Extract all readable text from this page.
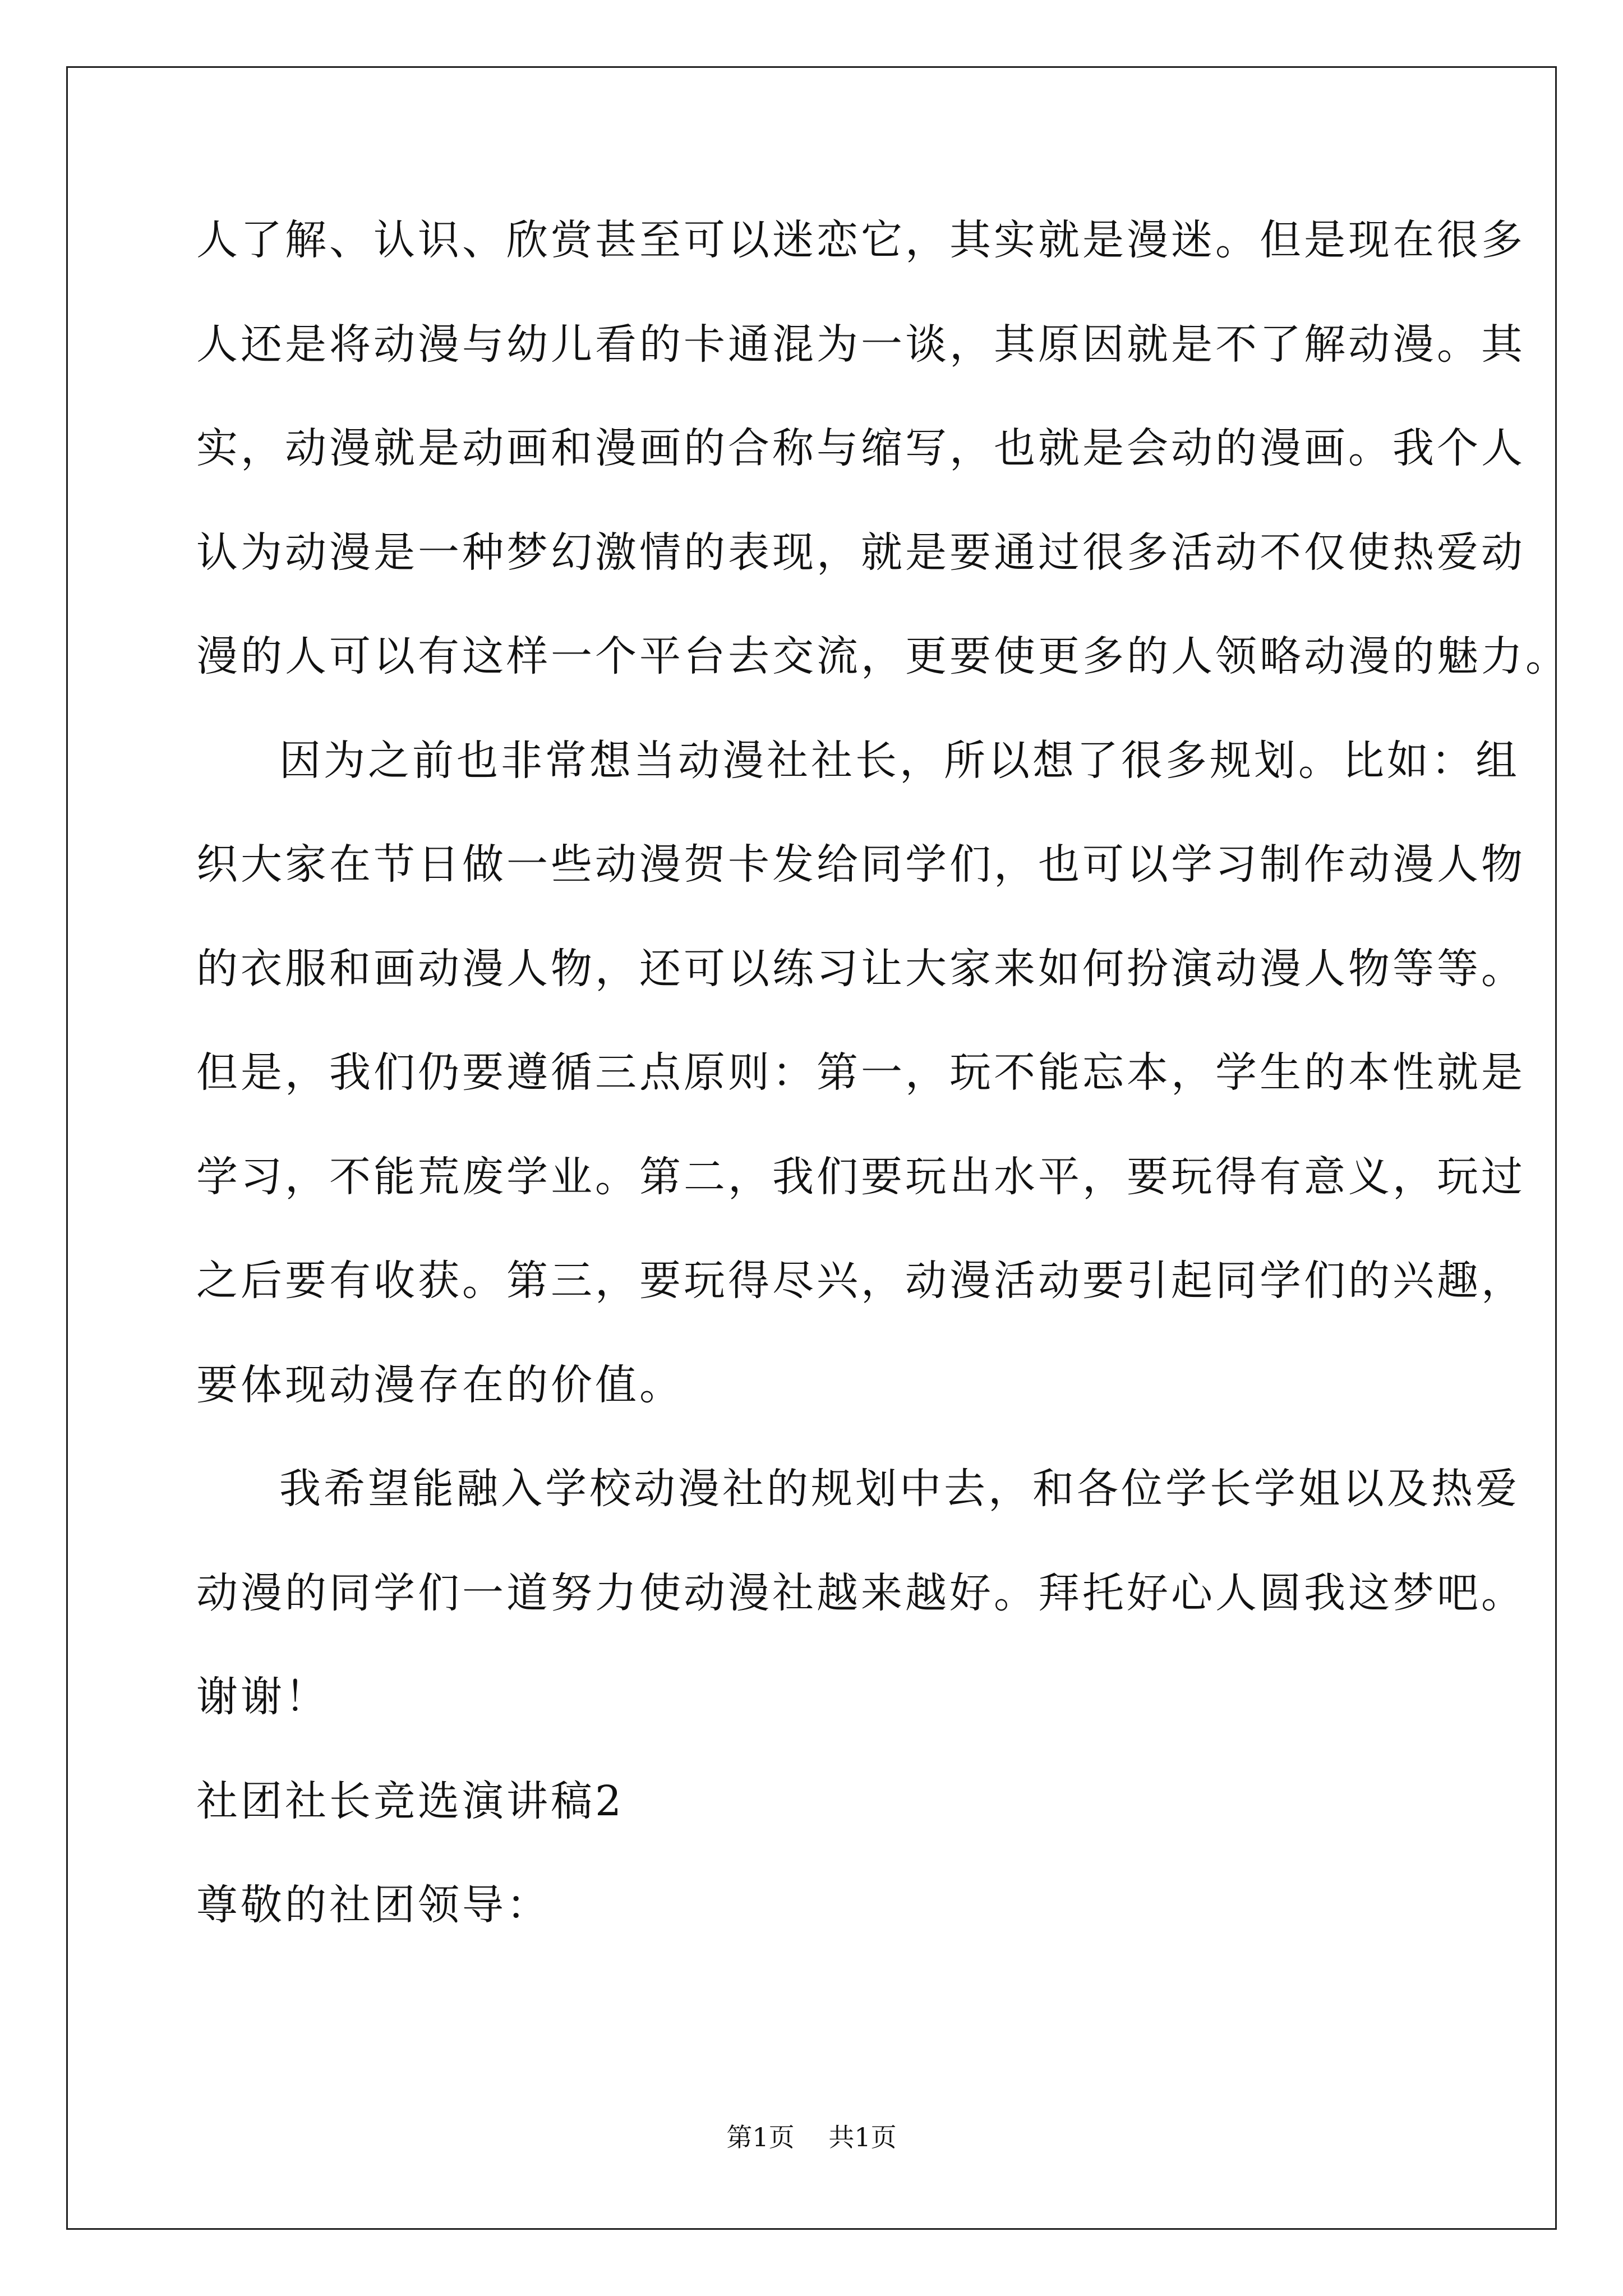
人了解、认识、欣赏甚至可以迷恋它，其实就是漫迷。但是现在很多
人还是将动漫与幼儿看的卡通混为一谈，其原因就是不了解动漫。其
实，动漫就是动画和漫画的合称与缩写，也就是会动的漫画。我个人
认为动漫是一种梦幻激情的表现，就是要通过很多活动不仅使热爱动
漫的人可以有这样一个平台去交流，更要使更多的人领略动漫的魅力。
因为之前也非常想当动漫社社长，所以想了很多规划。比如：组
织大家在节日做一些动漫贺卡发给同学们，也可以学习制作动漫人物
的衣服和画动漫人物，还可以练习让大家来如何扮演动漫人物等等。
但是，我们仍要遵循三点原则：第一，玩不能忘本，学生的本性就是
学习，不能荒废学业。第二，我们要玩出水平，要玩得有意义，玩过
之后要有收获。第三，要玩得尽兴，动漫活动要引起同学们的兴趣，
要体现动漫存在的价值。
我希望能融入学校动漫社的规划中去，和各位学长学姐以及热爱
动漫的同学们一道努力使动漫社越来越好。拜托好心人圆我这梦吧。
谢谢！
社团社长竞选演讲稿2
尊敬的社团领导：
第1页 共1页
